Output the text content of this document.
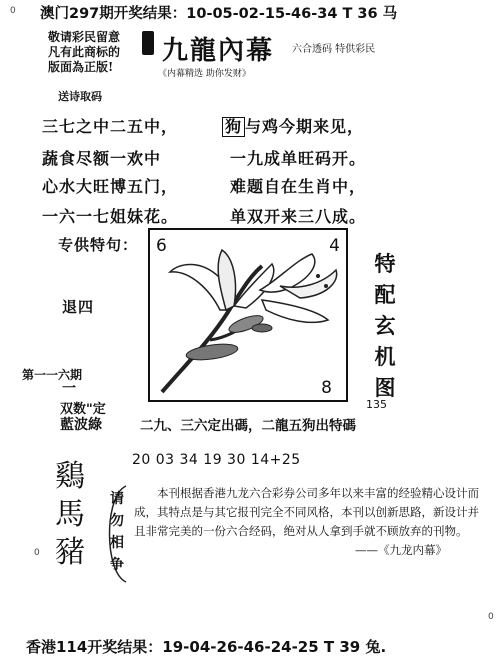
0 澳门297期开奖结果：10-05-02-15-46-34 T 36 马
敬请彩民留意
凡有此商标的
版面為正版!
九龍內幕 六合透码 特供彩民
《内幕精选 助你发财》
送诗取码
三七之中二五中，
蔬食尽额一欢中
心水大旺博五门，
一六一七姐妹花。
狗 与鸡今期来见，
一九成单旺码开。
难题自在生肖中，
单双开来三八成。
专供特句：
退四
6	4
8
特
配
玄
机
图
135
第一一六期
一
双数"定
藍波綠	二九、三六定出碼，二龍五狗出特碼
20 03 34 19 30 14+25
鷄
馬
豬
请
勿
相
争
本刊根据香港九龙六合彩券公司多年以来丰富的经验精心设计而成，其特点是与其它报刊完全不同风格，本刊以创新思路，新设计并且非常完美的一份六合经码，绝对从人拿到手就不顾放弃的刊物。
——《九龙内幕》
0
0
香港114开奖结果：19-04-26-46-24-25 T 39 兔.
